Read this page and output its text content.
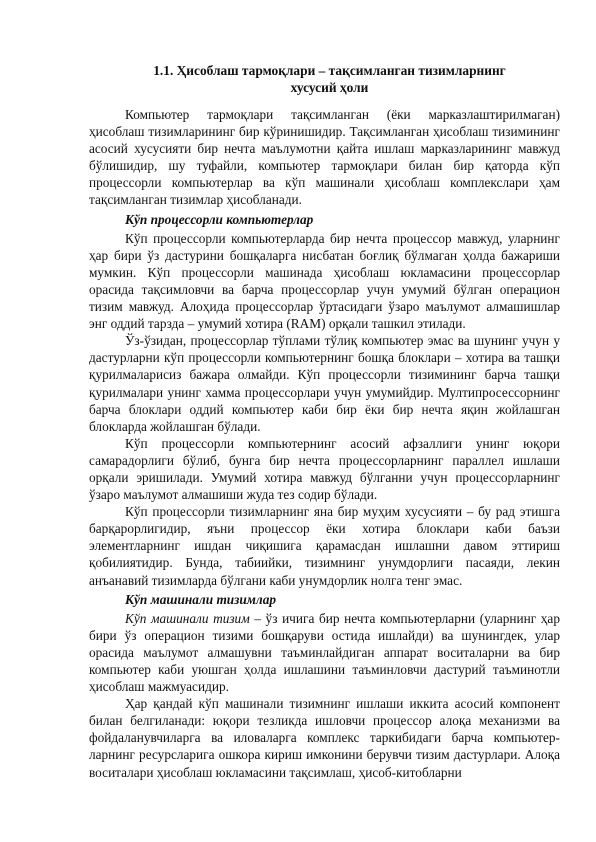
1.1. Ҳисоблаш тармоқлари – тақсимланган тизимларнинг
хусусий ҳоли

Компьютер тармоқлари тақсимланган (ёки марказлаштирилмаган) ҳисоблаш тизимларининг бир кўринишидир. Тақсимланган ҳисоблаш тизимининг асосий хусусияти бир нечта маълумотни қайта ишлаш марказларининг мавжуд бўлишидир, шу туфайли, компьютер тармоқлари билан бир қаторда кўп процессорли компьютерлар ва кўп машинали ҳисоблаш комплекслари ҳам тақсимланган тизимлар ҳисобланади.

Кўп процессорли компьютерлар

Кўп процессорли компьютерларда бир нечта процессор мавжуд, уларнинг ҳар бири ўз дастурини бошқаларга нисбатан боғлиқ бўлмаган ҳолда бажариши мумкин. Кўп процессорли машинада ҳисоблаш юкламасини процессорлар орасида тақсимловчи ва барча процессорлар учун умумий бўлган операцион тизим мавжуд. Алоҳида процессорлар ўртасидаги ўзаро маълумот алмашишлар энг оддий тарзда – умумий хотира (RAM) орқали ташкил этилади.

Ўз-ўзидан, процессорлар тўплами тўлиқ компьютер эмас ва шунинг учун у дастурларни кўп процессорли компьютернинг бошқа блоклари – хотира ва ташқи қурилмаларисиз бажара олмайди. Кўп процессорли тизимининг барча ташқи қурилмалари унинг хамма процессорлари учун умумийдир. Мултипросессорнинг барча блоклари оддий компьютер каби бир ёки бир нечта яқин жойлашган блокларда жойлашган бўлади.

Кўп процессорли компьютернинг асосий афзаллиги унинг юқори самарадорлиги бўлиб, бунга бир нечта процессорларнинг параллел ишлаши орқали эришилади. Умумий хотира мавжуд бўлганни учун процессорларнинг ўзаро маълумот алмашиши жуда тез содир бўлади.

Кўп процессорли тизимларнинг яна бир муҳим хусусияти – бу рад этишга барқарорлигидир, яъни процессор ёки хотира блоклари каби баъзи элементларнинг ишдан чиқишига қарамасдан ишлашни давом эттириш қобилиятидир. Бунда, табиийки, тизимнинг унумдорлиги пасаяди, лекин анъанавий тизимларда бўлгани каби унумдорлик нолга тенг эмас.

Кўп машинали тизимлар

Кўп машинали тизим – ўз ичига бир нечта компьютерларни (уларнинг ҳар бири ўз операцион тизими бошқаруви остида ишлайди) ва шунингдек, улар орасида маълумот алмашувни таъминлайдиган аппарат воситаларни ва бир компьютер каби уюшган ҳолда ишлашини таъминловчи дастурий таъминотли ҳисоблаш мажмуасидир.

Ҳар қандай кўп машинали тизимнинг ишлаши иккита асосий компонент билан белгиланади: юқори тезликда ишловчи процессор алоқа механизми ва фойдаланувчиларга ва иловаларга комплекс таркибидаги барча компьютер-ларнинг ресурсларига ошкора кириш имконини берувчи тизим дастурлари. Алоқа воситалари ҳисоблаш юкламасини тақсимлаш, ҳисоб-китобларни
